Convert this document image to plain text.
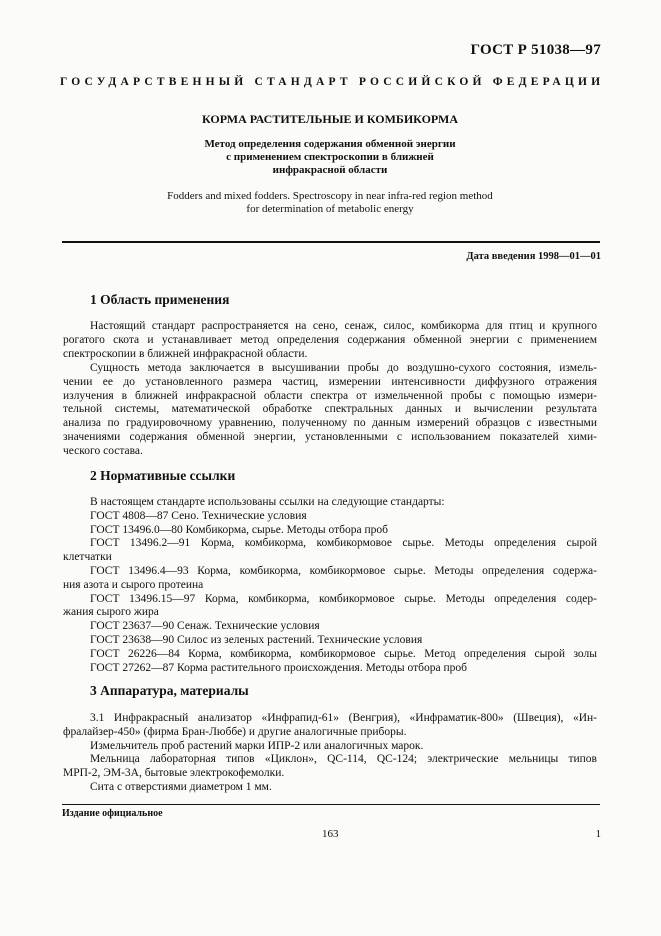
ГОСТ Р 51038—97
ГОСУДАРСТВЕННЫЙ СТАНДАРТ РОССИЙСКОЙ ФЕДЕРАЦИИ
КОРМА РАСТИТЕЛЬНЫЕ И КОМБИКОРМА
Метод определения содержания обменной энергии
с применением спектроскопии в ближней
инфракрасной области
Fodders and mixed fodders. Spectroscopy in near infra-red region method
for determination of metabolic energy
Дата введения 1998—01—01
1 Область применения
Настоящий стандарт распространяется на сено, сенаж, силос, комбикорма для птиц и крупного
рогатого скота и устанавливает метод определения содержания обменной энергии с применением
спектроскопии в ближней инфракрасной области.
Сущность метода заключается в высушивании пробы до воздушно-сухого состояния, измель-
чении ее до установленного размера частиц, измерении интенсивности диффузного отражения
излучения в ближней инфракрасной области спектра от измельченной пробы с помощью измери-
тельной системы, математической обработке спектральных данных и вычислении результата
анализа по градуировочному уравнению, полученному по данным измерений образцов с известными
значениями содержания обменной энергии, установленными с использованием показателей хими-
ческого состава.
2 Нормативные ссылки
В настоящем стандарте использованы ссылки на следующие стандарты:
ГОСТ 4808—87 Сено. Технические условия
ГОСТ 13496.0—80 Комбикорма, сырье. Методы отбора проб
ГОСТ 13496.2—91 Корма, комбикорма, комбикормовое сырье. Методы определения сырой
клетчатки
ГОСТ 13496.4—93 Корма, комбикорма, комбикормовое сырье. Методы определения содержа-
ния азота и сырого протеина
ГОСТ 13496.15—97 Корма, комбикорма, комбикормовое сырье. Методы определения содер-
жания сырого жира
ГОСТ 23637—90 Сенаж. Технические условия
ГОСТ 23638—90 Силос из зеленых растений. Технические условия
ГОСТ 26226—84 Корма, комбикорма, комбикормовое сырье. Метод определения сырой золы
ГОСТ 27262—87 Корма растительного происхождения. Методы отбора проб
3 Аппаратура, материалы
3.1 Инфракрасный анализатор «Инфрапид-61» (Венгрия), «Инфраматик-800» (Швеция), «Ин-
фралайзер-450» (фирма Бран-Люббе) и другие аналогичные приборы.
Измельчитель проб растений марки ИПР-2 или аналогичных марок.
Мельница лабораторная типов «Циклон», QC-114, QC-124; электрические мельницы типов
МРП-2, ЭМ-3А, бытовые электрокофемолки.
Сита с отверстиями диаметром 1 мм.
Издание официальное
163	1
